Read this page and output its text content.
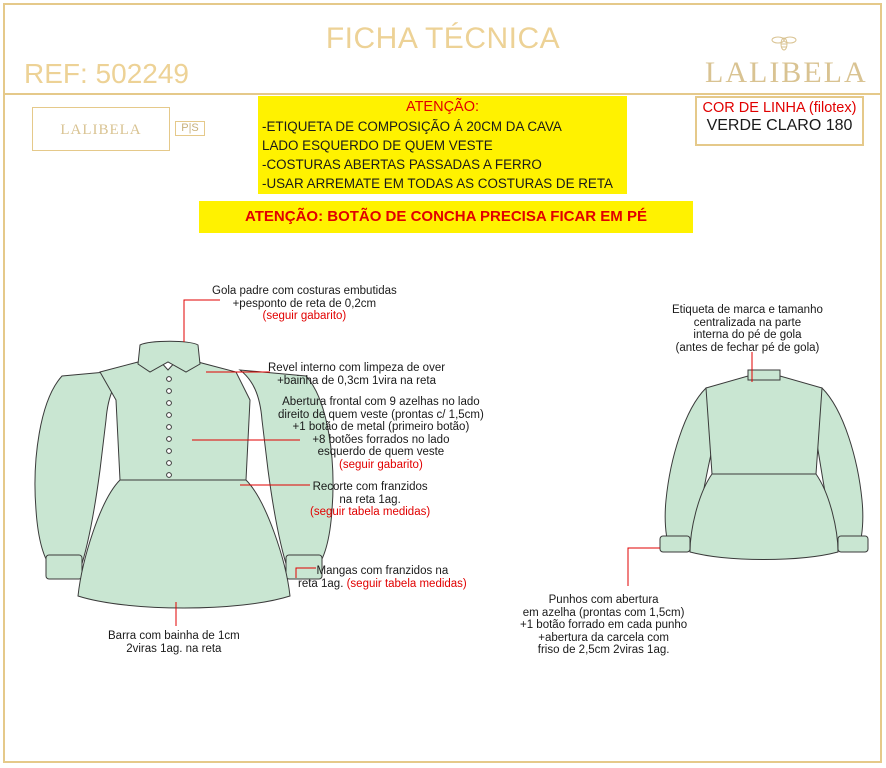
FICHA TÉCNICA
REF: 502249	LALIBELA
LALIBELA	P|S
ATENÇÃO:
-ETIQUETA DE COMPOSIÇÃO Á 20CM DA CAVA
LADO ESQUERDO DE QUEM VESTE
-COSTURAS ABERTAS PASSADAS A FERRO
-USAR ARREMATE EM TODAS AS COSTURAS DE RETA
COR DE LINHA (filotex)
VERDE CLARO 180
ATENÇÃO: BOTÃO DE CONCHA PRECISA FICAR EM PÉ
Gola padre com costuras embutidas
+pesponto de reta de 0,2cm
(seguir gabarito)
Revel interno com limpeza de over
+bainha de 0,3cm 1vira na reta
Abertura frontal com 9 azelhas no lado
direito de quem veste (prontas c/ 1,5cm)
+1 botão de metal (primeiro botão)
+8 botões forrados no lado
esquerdo de quem veste
(seguir gabarito)
Recorte com franzidos
na reta 1ag.
(seguir tabela medidas)
Mangas com franzidos na
reta 1ag. (seguir tabela medidas)
Barra com bainha de 1cm
2viras 1ag. na reta
Etiqueta de marca e tamanho
centralizada na parte
interna do pé de gola
(antes de fechar pé de gola)
Punhos com abertura
em azelha (prontas com 1,5cm)
+1 botão forrado em cada punho
+abertura da carcela com
friso de 2,5cm 2viras 1ag.
